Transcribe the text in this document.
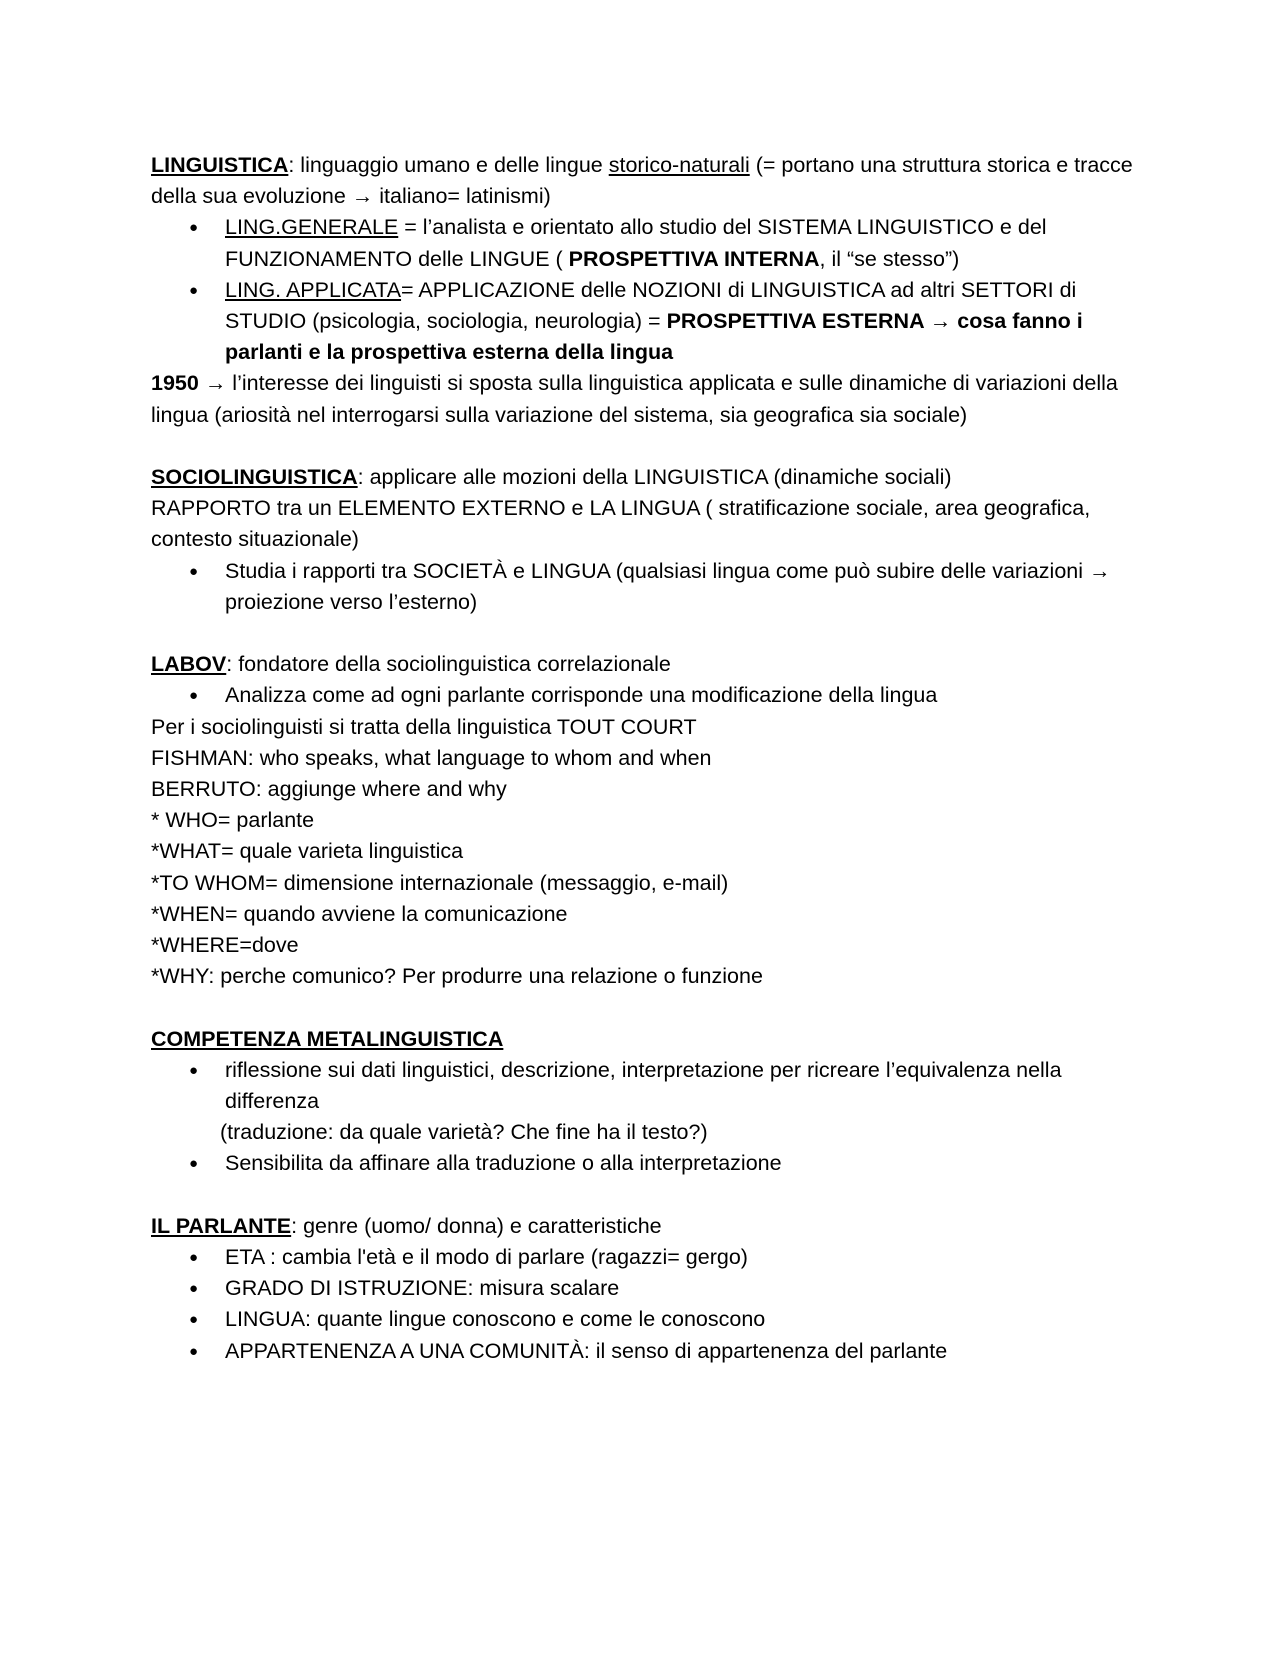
LINGUISTICA: linguaggio umano e delle lingue storico-naturali (= portano una struttura storica e tracce della sua evoluzione → italiano= latinismi)

● LING.GENERALE = l’analista e orientato allo studio del SISTEMA LINGUISTICO e del FUNZIONAMENTO delle LINGUE ( PROSPETTIVA INTERNA, il “se stesso”)
● LING. APPLICATA= APPLICAZIONE delle NOZIONI di LINGUISTICA ad altri SETTORI di STUDIO (psicologia, sociologia, neurologia) = PROSPETTIVA ESTERNA → cosa fanno i parlanti e la prospettiva esterna della lingua

1950 → l’interesse dei linguisti si sposta sulla linguistica applicata e sulle dinamiche di variazioni della lingua (ariosità nel interrogarsi sulla variazione del sistema, sia geografica sia sociale)

SOCIOLINGUISTICA: applicare alle mozioni della LINGUISTICA (dinamiche sociali)

RAPPORTO tra un ELEMENTO EXTERNO e LA LINGUA ( stratificazione sociale, area geografica, contesto situazionale)

● Studia i rapporti tra SOCIETÀ e LINGUA (qualsiasi lingua come può subire delle variazioni → proiezione verso l’esterno)

LABOV: fondatore della sociolinguistica correlazionale

● Analizza come ad ogni parlante corrisponde una modificazione della lingua

Per i sociolinguisti si tratta della linguistica TOUT COURT

FISHMAN: who speaks, what language to whom and when

BERRUTO: aggiunge where and why

* WHO= parlante

*WHAT= quale varieta linguistica

*TO WHOM= dimensione internazionale (messaggio, e-mail)

*WHEN= quando avviene la comunicazione

*WHERE=dove

*WHY: perche comunico? Per produrre una relazione o funzione

COMPETENZA METALINGUISTICA

● riflessione sui dati linguistici, descrizione, interpretazione per ricreare l’equivalenza nella differenza

(traduzione: da quale varietà? Che fine ha il testo?)

● Sensibilita da affinare alla traduzione o alla interpretazione

IL PARLANTE: genre (uomo/ donna) e caratteristiche

● ETA : cambia l'età e il modo di parlare (ragazzi= gergo)
● GRADO DI ISTRUZIONE: misura scalare
● LINGUA: quante lingue conoscono e come le conoscono
● APPARTENENZA A UNA COMUNITÀ: il senso di appartenenza del parlante
